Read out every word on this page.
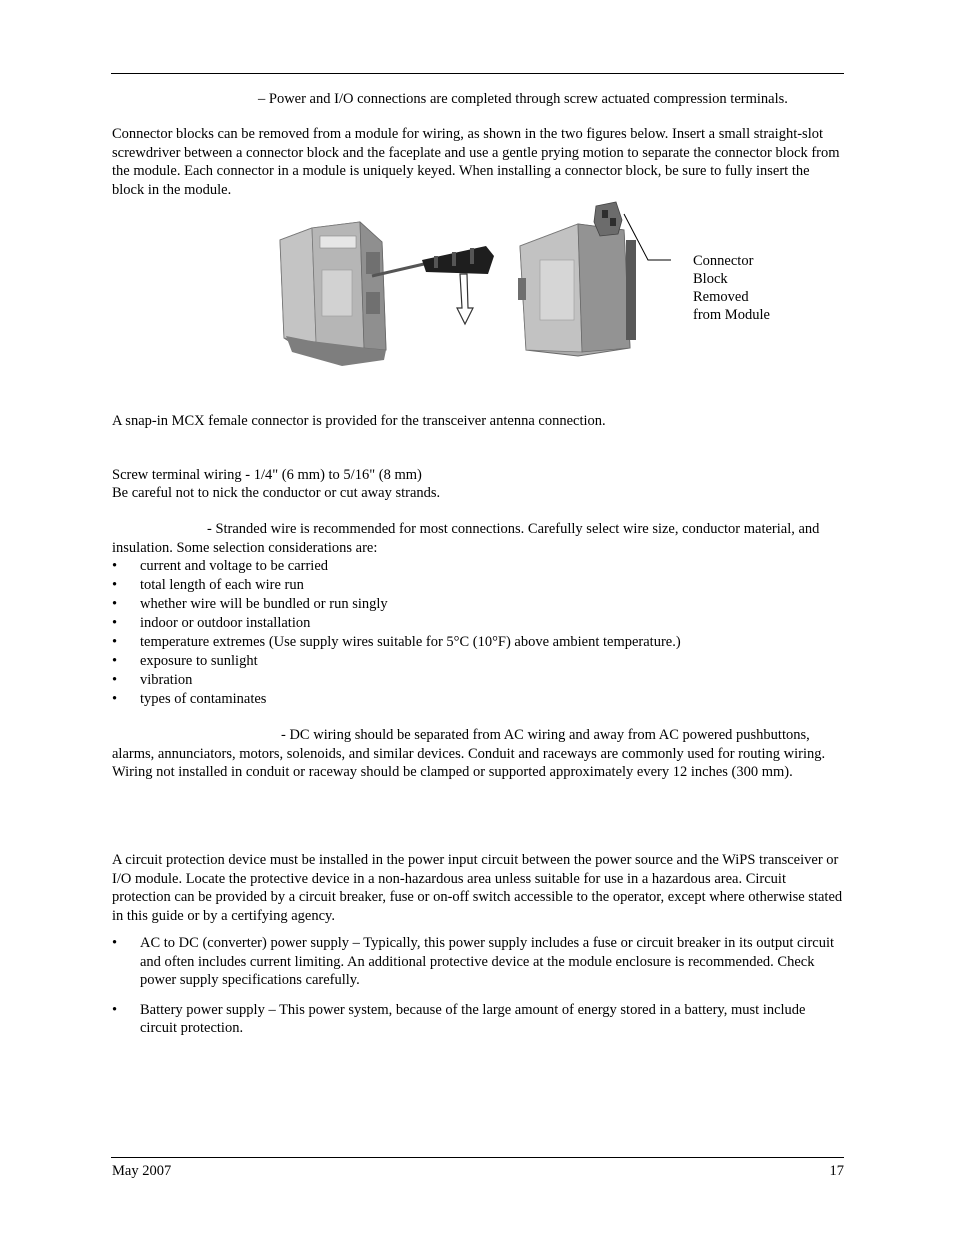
– Power and I/O connections are completed through screw actuated compression terminals.

Connector blocks can be removed from a module for wiring, as shown in the two figures below. Insert a small straight-slot screwdriver between a connector block and the faceplate and use a gentle prying motion to separate the connector block from the module. Each connector in a module is uniquely keyed. When installing a connector block, be sure to fully insert the block in the module.

Connector
Block
Removed
from Module

A snap-in MCX female connector is provided for the transceiver antenna connection.

Screw terminal wiring - 1/4" (6 mm) to 5/16" (8 mm)

Be careful not to nick the conductor or cut away strands.

- Stranded wire is recommended for most connections. Carefully select wire size, conductor material, and insulation. Some selection considerations are:

•	current and voltage to be carried
•	total length of each wire run
•	whether wire will be bundled or run singly
•	indoor or outdoor installation
•	temperature extremes (Use supply wires suitable for 5°C (10°F) above ambient temperature.)
•	exposure to sunlight
•	vibration
•	types of contaminates

- DC wiring should be separated from AC wiring and away from AC powered pushbuttons, alarms, annunciators, motors, solenoids, and similar devices. Conduit and raceways are commonly used for routing wiring. Wiring not installed in conduit or raceway should be clamped or supported approximately every 12 inches (300 mm).

A circuit protection device must be installed in the power input circuit between the power source and the WiPS transceiver or I/O module. Locate the protective device in a non-hazardous area unless suitable for use in a hazardous area. Circuit protection can be provided by a circuit breaker, fuse or on-off switch accessible to the operator, except where otherwise stated in this guide or by a certifying agency.

•	AC to DC (converter) power supply – Typically, this power supply includes a fuse or circuit breaker in its output circuit and often includes current limiting. An additional protective device at the module enclosure is recommended. Check power supply specifications carefully.
•	Battery power supply – This power system, because of the large amount of energy stored in a battery, must include circuit protection.
May 2007	17
